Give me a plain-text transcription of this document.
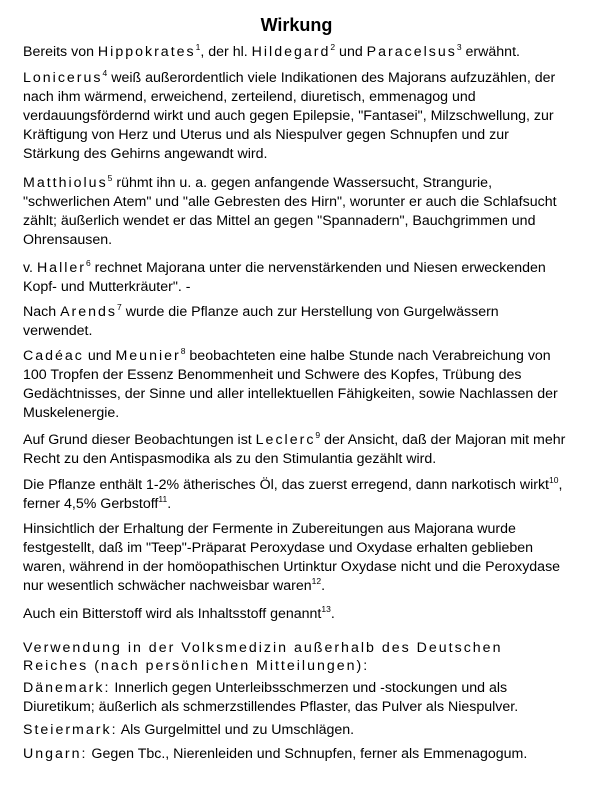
Wirkung
Bereits von Hippokrates$^1$, der hl. Hildegard$^2$ und Paracelsus$^3$ erwähnt.
Lonicerus$^4$ weiß außerordentlich viele Indikationen des Majorans aufzuzählen, der nach ihm wärmend, erweichend, zerteilend, diuretisch, emmenagog und verdauungsfördernd wirkt und auch gegen Epilepsie, "Fantasei", Milzschwellung, zur Kräftigung von Herz und Uterus und als Niespulver gegen Schnupfen und zur Stärkung des Gehirns angewandt wird.
Matthiolus$^5$ rühmt ihn u. a. gegen anfangende Wassersucht, Strangurie, "schwerlichen Atem" und "alle Gebresten des Hirn", worunter er auch die Schlafsucht zählt; äußerlich wendet er das Mittel an gegen "Spannadern", Bauchgrimmen und Ohrensausen.
v. Haller$^6$ rechnet Majorana unter die nervenstärkenden und Niesen erweckenden Kopf- und Mutterkräuter". -
Nach Arends$^7$ wurde die Pflanze auch zur Herstellung von Gurgelwässern verwendet.
Cadéac und Meunier$^8$ beobachteten eine halbe Stunde nach Verabreichung von 100 Tropfen der Essenz Benommenheit und Schwere des Kopfes, Trübung des Gedächtnisses, der Sinne und aller intellektuellen Fähigkeiten, sowie Nachlassen der Muskelenergie.
Auf Grund dieser Beobachtungen ist Leclerc$^9$ der Ansicht, daß der Majoran mit mehr Recht zu den Antispasmodika als zu den Stimulantia gezählt wird.
Die Pflanze enthält 1-2% ätherisches Öl, das zuerst erregend, dann narkotisch wirkt$^{10}$,
ferner 4,5% Gerbstoff$^{11}$.
Hinsichtlich der Erhaltung der Fermente in Zubereitungen aus Majorana wurde festgestellt, daß im "Teep"-Präparat Peroxydase und Oxydase erhalten geblieben waren, während in der homöopathischen Urtinktur Oxydase nicht und die Peroxydase nur wesentlich schwächer nachweisbar waren$^{12}$.
Auch ein Bitterstoff wird als Inhaltsstoff genannt$^{13}$.
Verwendung in der Volksmedizin außerhalb des Deutschen Reiches (nach persönlichen Mitteilungen):
Dänemark: Innerlich gegen Unterleibsschmerzen und -stockungen und als Diuretikum; äußerlich als schmerzstillendes Pflaster, das Pulver als Niespulver.
Steiermark: Als Gurgelmittel und zu Umschlägen.
Ungarn: Gegen Tbc., Nierenleiden und Schnupfen, ferner als Emmenagogum.
